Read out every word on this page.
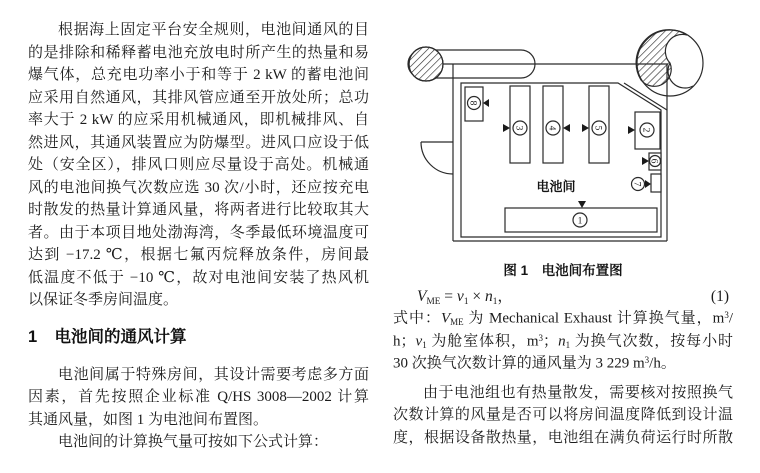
根据海上固定平台安全规则，电池间通风的目
的是排除和稀释蓄电池充放电时所产生的热量和易
爆气体，总充电功率小于和等于 2 kW 的蓄电池间
应采用自然通风，其排风管应通至开放处所；总功
率大于 2 kW 的应采用机械通风，即机械排风、自
然进风，其通风装置应为防爆型。进风口应设于低
处（安全区），排风口则应尽量设于高处。机械通
风的电池间换气次数应选 30 次/小时，还应按充电
时散发的热量计算通风量，将两者进行比较取其大
者。由于本项目地处渤海湾，冬季最低环境温度可
达到 −17.2 ℃，根据七氟丙烷释放条件，房间最
低温度不低于 −10 ℃，故对电池间安装了热风机
以保证冬季房间温度。
1 电池间的通风计算
电池间属于特殊房间，其设计需要考虑多方面
因素，首先按照企业标准 Q/HS 3008—2002 计算
其通风量，如图 1 为电池间布置图。
电池间的计算换气量可按如下公式计算：
1
2
3 4	5
6
7
8
电池间
图 1 电池间布置图
$V_{ME} = v_1 \times n_1$，	(1)
式中：$V_{ME}$ 为 Mechanical Exhaust 计算换气量，$m^3/$
h；$v_1$ 为舱室体积，$m^3$；$n_1$ 为换气次数，按每小时
30 次换气次数计算的通风量为 3 229 $m^3/h$。
由于电池组也有热量散发，需要核对按照换气
次数计算的风量是否可以将房间温度降低到设计温
度，根据设备散热量，电池组在满负荷运行时所散
